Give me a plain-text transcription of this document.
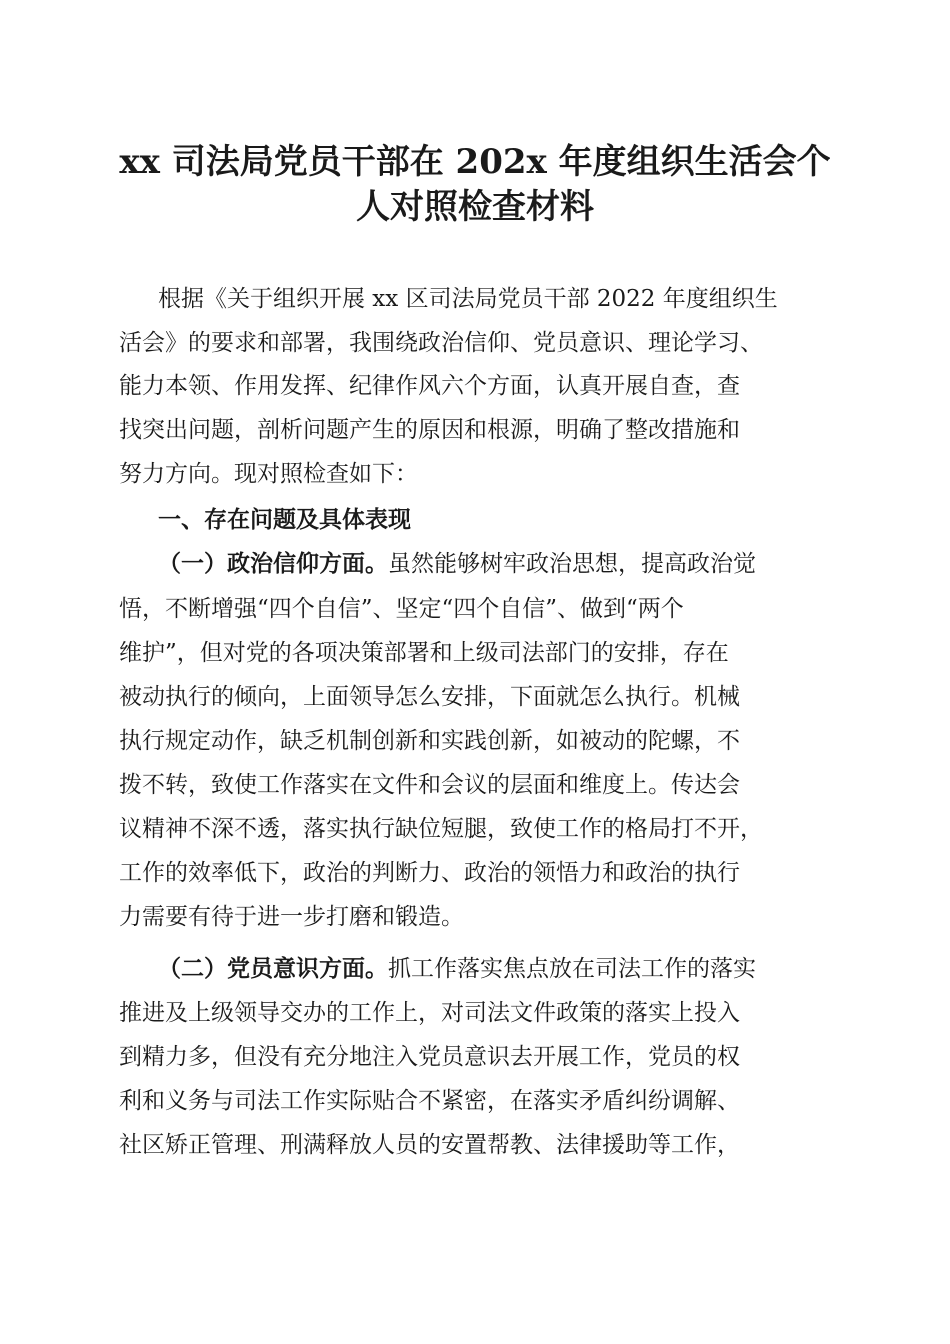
xx 司法局党员干部在 202x 年度组织生活会个
人对照检查材料

根据《关于组织开展 xx 区司法局党员干部 2022 年度组织生

活会》的要求和部署，我围绕政治信仰、党员意识、理论学习、

能力本领、作用发挥、纪律作风六个方面，认真开展自查，查

找突出问题，剖析问题产生的原因和根源，明确了整改措施和

努力方向。现对照检查如下：

一、存在问题及具体表现

（一）政治信仰方面。虽然能够树牢政治思想，提高政治觉

悟，不断增强“四个自信”、坚定“四个自信”、做到“两个

维护”，但对党的各项决策部署和上级司法部门的安排，存在

被动执行的倾向，上面领导怎么安排，下面就怎么执行。机械

执行规定动作，缺乏机制创新和实践创新，如被动的陀螺，不

拨不转，致使工作落实在文件和会议的层面和维度上。传达会

议精神不深不透，落实执行缺位短腿，致使工作的格局打不开，

工作的效率低下，政治的判断力、政治的领悟力和政治的执行

力需要有待于进一步打磨和锻造。

（二）党员意识方面。抓工作落实焦点放在司法工作的落实

推进及上级领导交办的工作上，对司法文件政策的落实上投入

到精力多，但没有充分地注入党员意识去开展工作，党员的权

利和义务与司法工作实际贴合不紧密，在落实矛盾纠纷调解、

社区矫正管理、刑满释放人员的安置帮教、法律援助等工作，
